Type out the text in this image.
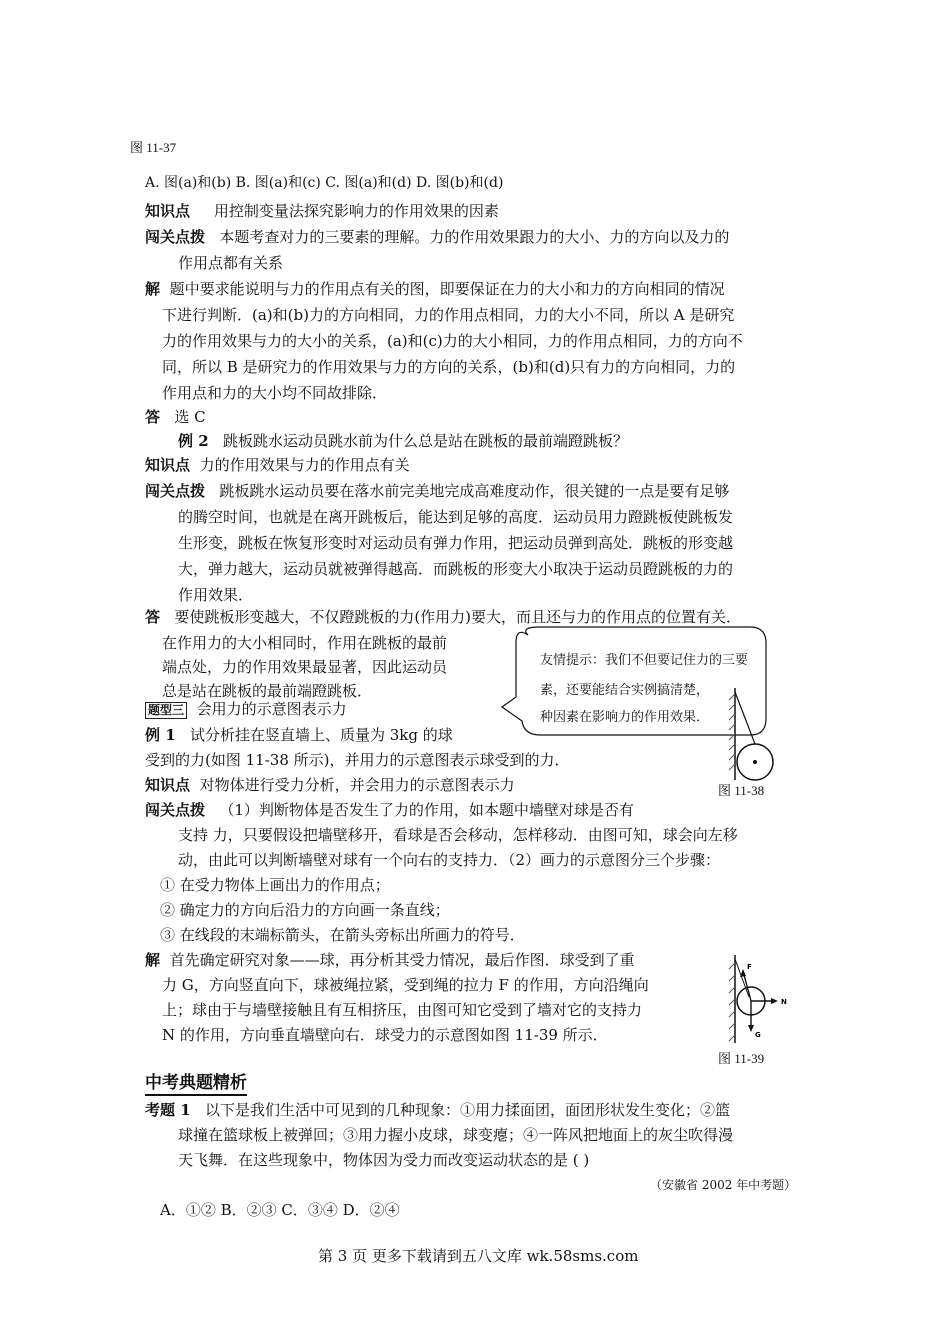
图 11-37
A. 图(a)和(b) B. 图(a)和(c) C. 图(a)和(d) D. 图(b)和(d)
知识点 用控制变量法探究影响力的作用效果的因素
闯关点拨 本题考查对力的三要素的理解。力的作用效果跟力的大小、力的方向以及力的
作用点都有关系
解 题中要求能说明与力的作用点有关的图，即要保证在力的大小和力的方向相同的情况
下进行判断．(a)和(b)力的方向相同，力的作用点相同，力的大小不同，所以 A 是研究
力的作用效果与力的大小的关系，(a)和(c)力的大小相同，力的作用点相同，力的方向不
同，所以 B 是研究力的作用效果与力的方向的关系，(b)和(d)只有力的方向相同，力的
作用点和力的大小均不同故排除．
答 选 C
例 2 跳板跳水运动员跳水前为什么总是站在跳板的最前端蹬跳板？
知识点 力的作用效果与力的作用点有关
闯关点拨 跳板跳水运动员要在落水前完美地完成高难度动作，很关键的一点是要有足够
的腾空时间，也就是在离开跳板后，能达到足够的高度．运动员用力蹬跳板使跳板发
生形变，跳板在恢复形变时对运动员有弹力作用，把运动员弹到高处．跳板的形变越
大，弹力越大，运动员就被弹得越高．而跳板的形变大小取决于运动员蹬跳板的力的
作用效果．
答 要使跳板形变越大，不仅蹬跳板的力(作用力)要大，而且还与力的作用点的位置有关．
在作用力的大小相同时，作用在跳板的最前
端点处，力的作用效果最显著，因此运动员
总是站在跳板的最前端蹬跳板．
友情提示：我们不但要记住力的三要
素，还要能结合实例搞清楚，
种因素在影响力的作用效果．
图 11-38
题型三 会用力的示意图表示力
例 1 试分析挂在竖直墙上、质量为 3kg 的球
受到的力(如图 11-38 所示)，并用力的示意图表示球受到的力．
知识点 对物体进行受力分析，并会用力的示意图表示力
闯关点拨 （1）判断物体是否发生了力的作用，如本题中墙壁对球是否有
支持 力，只要假设把墙壁移开，看球是否会移动，怎样移动．由图可知，球会向左移
动，由此可以判断墙壁对球有一个向右的支持力．（2）画力的示意图分三个步骤：
① 在受力物体上画出力的作用点；
② 确定力的方向后沿力的方向画一条直线；
③ 在线段的末端标箭头，在箭头旁标出所画力的符号．
解 首先确定研究对象——球，再分析其受力情况，最后作图．球受到了重
力 G，方向竖直向下，球被绳拉紧，受到绳的拉力 F 的作用，方向沿绳向
上；球由于与墙壁接触且有互相挤压，由图可知它受到了墙对它的支持力
N 的作用，方向垂直墙壁向右．球受力的示意图如图 11-39 所示．
F
N
G
图 11-39
中考典题精析
考题 1 以下是我们生活中可见到的几种现象：①用力揉面团，面团形状发生变化；②篮
球撞在篮球板上被弹回；③用力握小皮球，球变瘪；④一阵风把地面上的灰尘吹得漫
天飞舞．在这些现象中，物体因为受力而改变运动状态的是 ( )
（安徽省 2002 年中考题）
A．①② B．②③ C．③④ D．②④
第 3 页 更多下载请到五八文库 wk.58sms.com
